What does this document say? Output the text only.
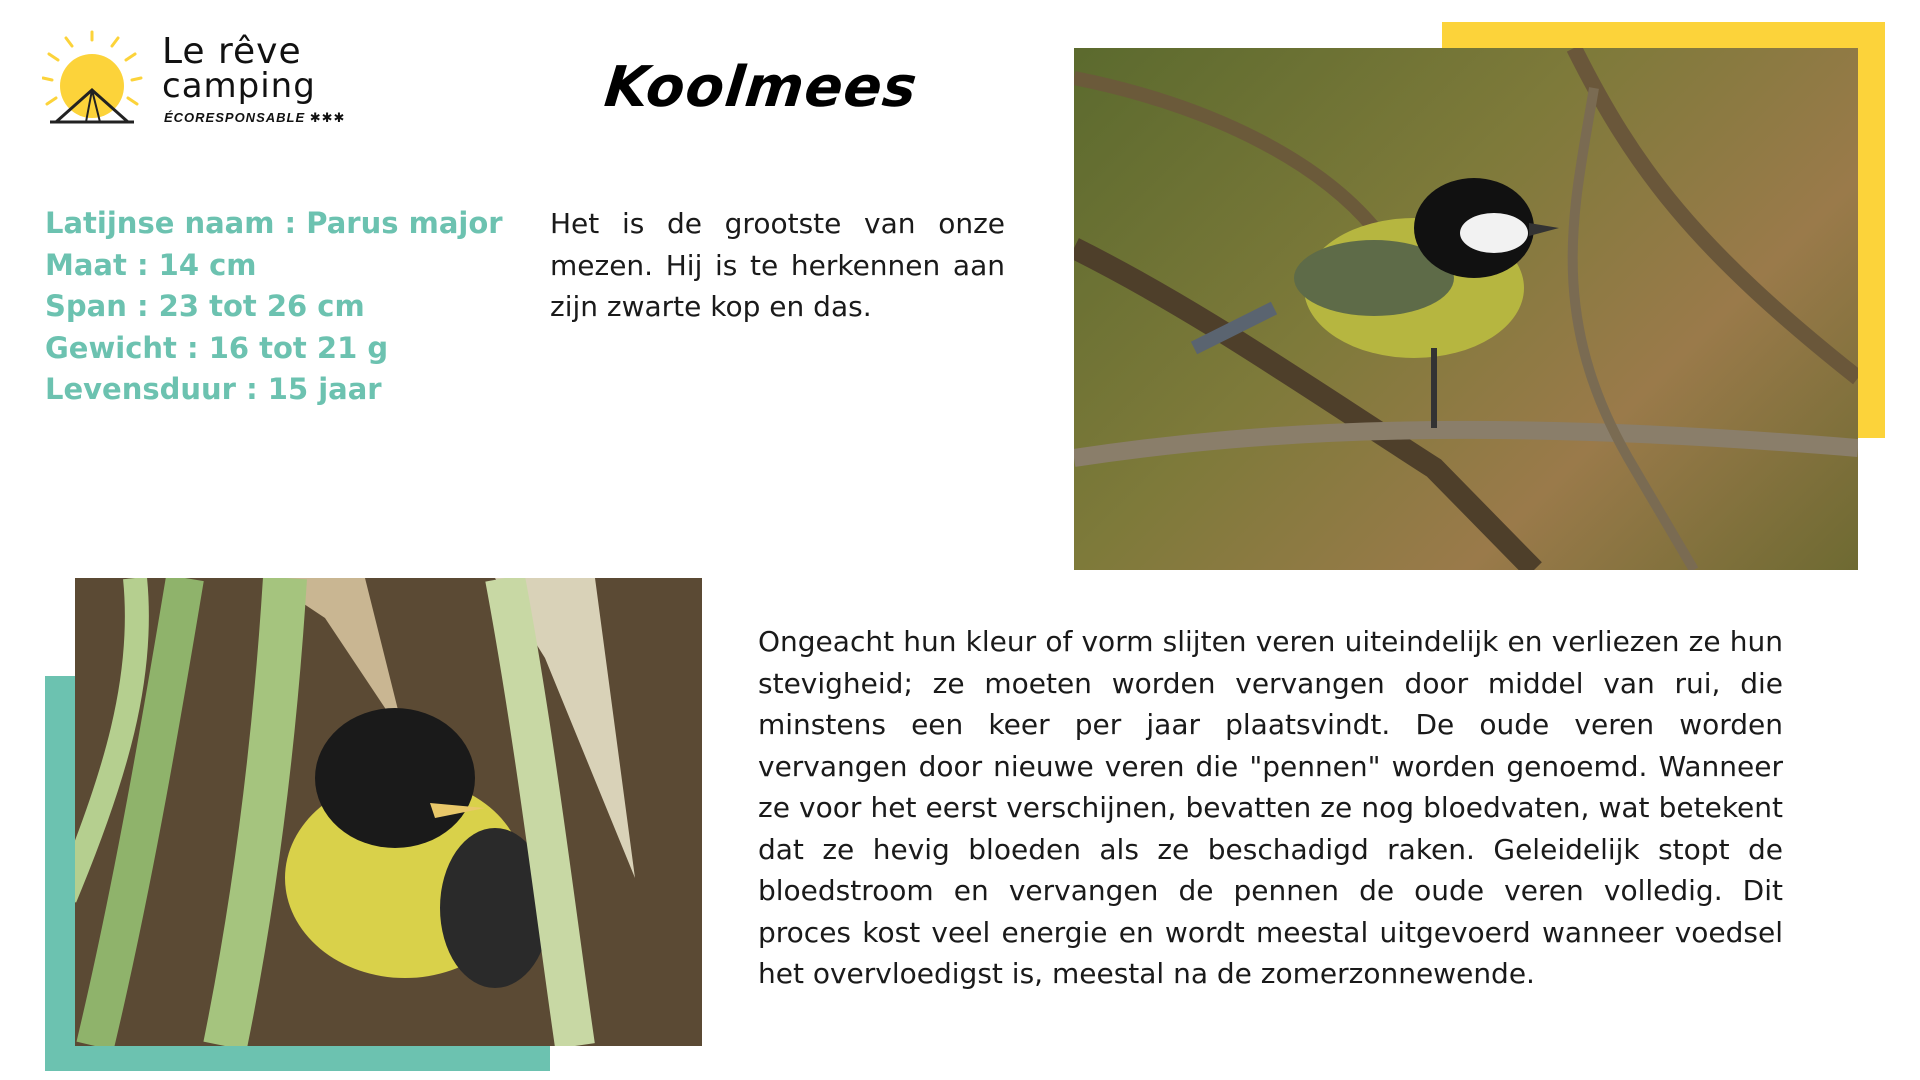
Le rêve
camping
ÉCORESPONSABLE ✱✱✱	Koolmees
Latijnse naam : Parus major
Maat : 14 cm
Span : 23 tot 26 cm
Gewicht : 16 tot 21 g
Levensduur : 15 jaar
Het is de grootste van onze mezen. Hij is te herkennen aan zijn zwarte kop en das.
Ongeacht hun kleur of vorm slijten veren uiteindelijk en verliezen ze hun stevigheid; ze moeten worden vervangen door middel van rui, die minstens een keer per jaar plaatsvindt. De oude veren worden vervangen door nieuwe veren die "pennen" worden genoemd. Wanneer ze voor het eerst verschijnen, bevatten ze nog bloedvaten, wat betekent dat ze hevig bloeden als ze beschadigd raken. Geleidelijk stopt de bloedstroom en vervangen de pennen de oude veren volledig. Dit proces kost veel energie en wordt meestal uitgevoerd wanneer voedsel het overvloedigst is, meestal na de zomerzonnewende.
